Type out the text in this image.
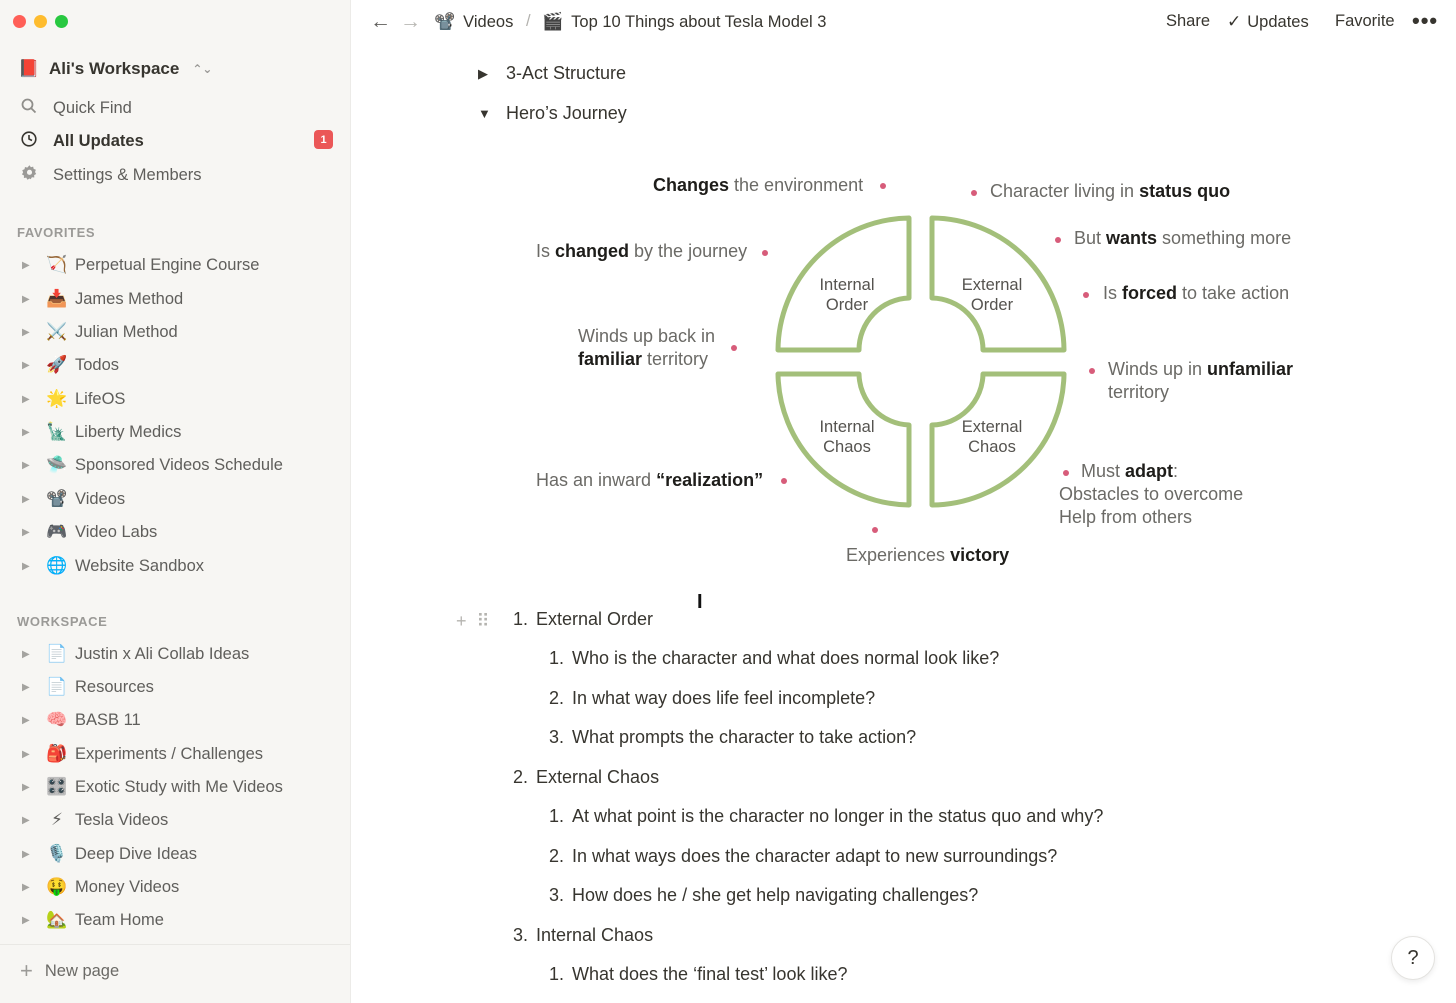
📕 Ali's Workspace ⌃⌄
Quick Find
All Updates	1
Settings & Members
FAVORITES
▶ 🏹 Perpetual Engine Course
▶ 📥 James Method
▶ ⚔️ Julian Method
▶ 🚀 Todos
▶ 🌟 LifeOS
▶ 🗽 Liberty Medics
▶ 🛸 Sponsored Videos Schedule
▶ 📽️ Videos
▶ 🎮 Video Labs
▶ 🌐 Website Sandbox
WORKSPACE
▶ 📄 Justin x Ali Collab Ideas
▶ 📄 Resources
▶ 🧠 BASB 11
▶ 🎒 Experiments / Challenges
▶ 🎛️ Exotic Study with Me Videos
▶	⚡ Tesla Videos
▶ 🎙️ Deep Dive Ideas
▶ 🤑 Money Videos
▶ 🏡 Team Home
+ New page
← → 📽️ Videos / 🎬 Top 10 Things about Tesla Model 3	Share ✓ Updates Favorite •••
▶ 3-Act Structure
▼ Hero’s Journey
Internal Order
External Order
Internal Chaos
External Chaos
Changes the environment
Is changed by the journey
Winds up back in
familiar territory
Has an inward “realization”
Character living in status quo
But wants something more
Is forced to take action
Winds up in unfamiliar
territory
Must adapt:
Obstacles to overcome
Help from others
Experiences victory
I
+ ⠿ 1. External Order
1. Who is the character and what does normal look like?
2. In what way does life feel incomplete?
3. What prompts the character to take action?
2. External Chaos
1. At what point is the character no longer in the status quo and why?
2. In what ways does the character adapt to new surroundings?
3. How does he / she get help navigating challenges?
3. Internal Chaos
1. What does the ‘final test’ look like?
?
